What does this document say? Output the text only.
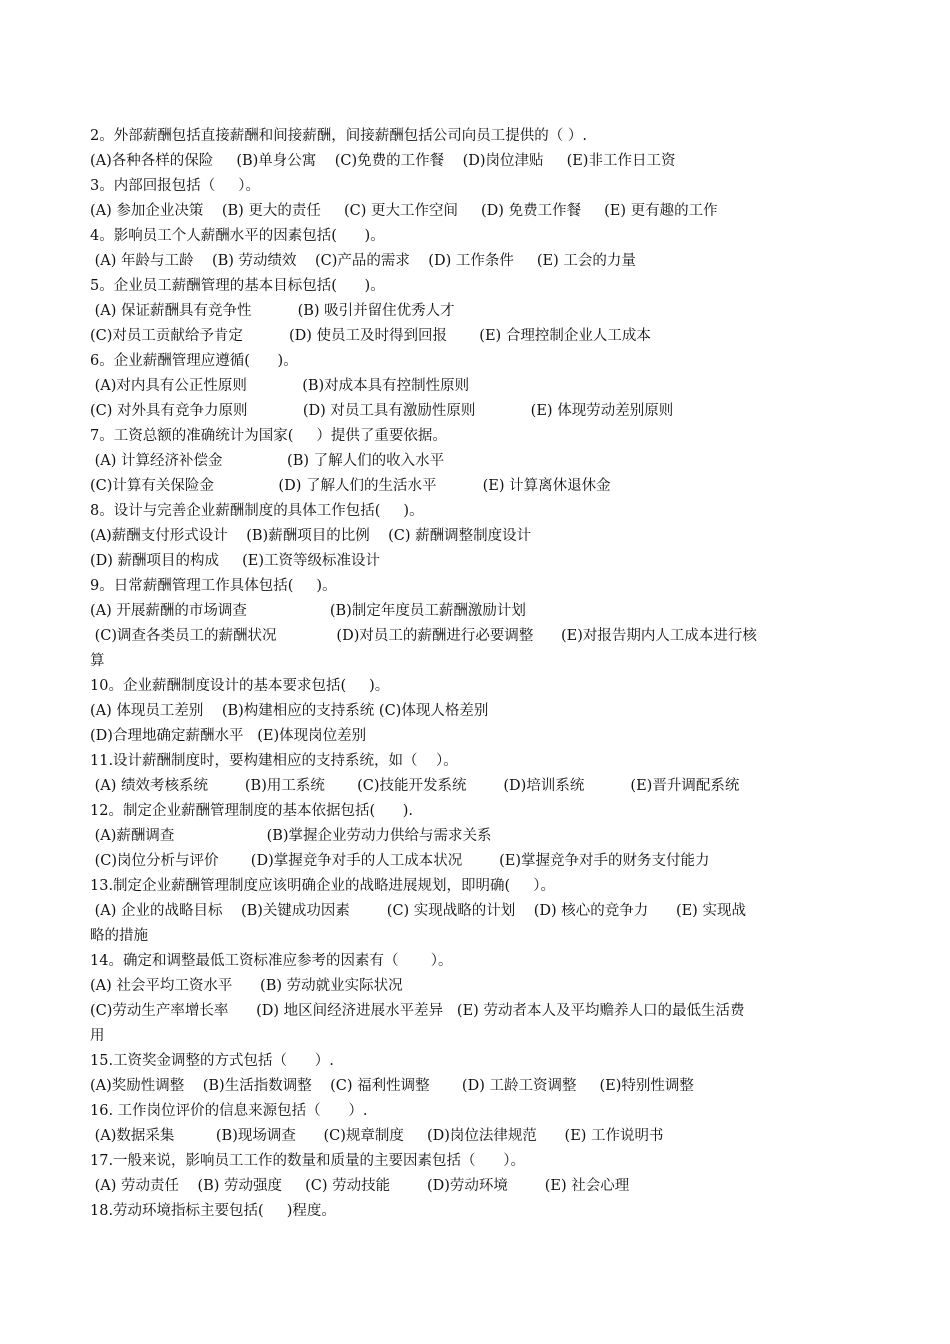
2。外部薪酬包括直接薪酬和间接薪酬，间接薪酬包括公司向员工提供的（ ）.
(A)各种各样的保险     (B)单身公寓    (C)免费的工作餐    (D)岗位津贴     (E)非工作日工资
3。内部回报包括（     ）。
(A) 参加企业决策    (B) 更大的责任     (C) 更大工作空间     (D) 免费工作餐     (E) 更有趣的工作
4。影响员工个人薪酬水平的因素包括(      )。
(A) 年龄与工龄    (B) 劳动绩效    (C)产品的需求    (D) 工作条件     (E) 工会的力量
5。企业员工薪酬管理的基本目标包括(      )。
(A) 保证薪酬具有竞争性          (B) 吸引并留住优秀人才
(C)对员工贡献给予肯定          (D) 使员工及时得到回报       (E) 合理控制企业人工成本
6。企业薪酬管理应遵循(      )。
(A)对内具有公正性原则            (B)对成本具有控制性原则
(C) 对外具有竞争力原则            (D) 对员工具有激励性原则            (E) 体现劳动差别原则
7。工资总额的准确统计为国家(     ）提供了重要依据。
(A) 计算经济补偿金              (B) 了解人们的收入水平
(C)计算有关保险金              (D) 了解人们的生活水平          (E) 计算离休退休金
8。设计与完善企业薪酬制度的具体工作包括(     )。
(A)薪酬支付形式设计    (B)薪酬项目的比例    (C) 薪酬调整制度设计
(D) 薪酬项目的构成     (E)工资等级标准设计
9。日常薪酬管理工作具体包括(     )。
(A) 开展薪酬的市场调查                  (B)制定年度员工薪酬激励计划
(C)调查各类员工的薪酬状况             (D)对员工的薪酬进行必要调整      (E)对报告期内人工成本进行核
算
10。企业薪酬制度设计的基本要求包括(     )。
(A) 体现员工差别    (B)构建相应的支持系统 (C)体现人格差别
(D)合理地确定薪酬水平   (E)体现岗位差别
11.设计薪酬制度时，要构建相应的支持系统，如（    ）。
(A) 绩效考核系统        (B)用工系统       (C)技能开发系统        (D)培训系统          (E)晋升调配系统
12。制定企业薪酬管理制度的基本依据包括(      ).
(A)薪酬调查                    (B)掌握企业劳动力供给与需求关系
(C)岗位分析与评价       (D)掌握竞争对手的人工成本状况        (E)掌握竞争对手的财务支付能力
13.制定企业薪酬管理制度应该明确企业的战略进展规划，即明确(     ）。
(A) 企业的战略目标    (B)关键成功因素        (C) 实现战略的计划    (D) 核心的竞争力      (E) 实现战
略的措施
14。确定和调整最低工资标准应参考的因素有（       ）。
(A) 社会平均工资水平      (B) 劳动就业实际状况
(C)劳动生产率增长率      (D) 地区间经济进展水平差异   (E) 劳动者本人及平均赡养人口的最低生活费
用
15.工资奖金调整的方式包括（      ）.
(A)奖励性调整    (B)生活指数调整    (C) 福利性调整       (D) 工龄工资调整     (E)特别性调整
16. 工作岗位评价的信息来源包括（      ）.
(A)数据采集         (B)现场调查      (C)规章制度     (D)岗位法律规范      (E) 工作说明书
17.一般来说，影响员工工作的数量和质量的主要因素包括（      ）。
(A) 劳动责任    (B) 劳动强度     (C) 劳动技能        (D)劳动环境        (E) 社会心理
18.劳动环境指标主要包括(     )程度。
